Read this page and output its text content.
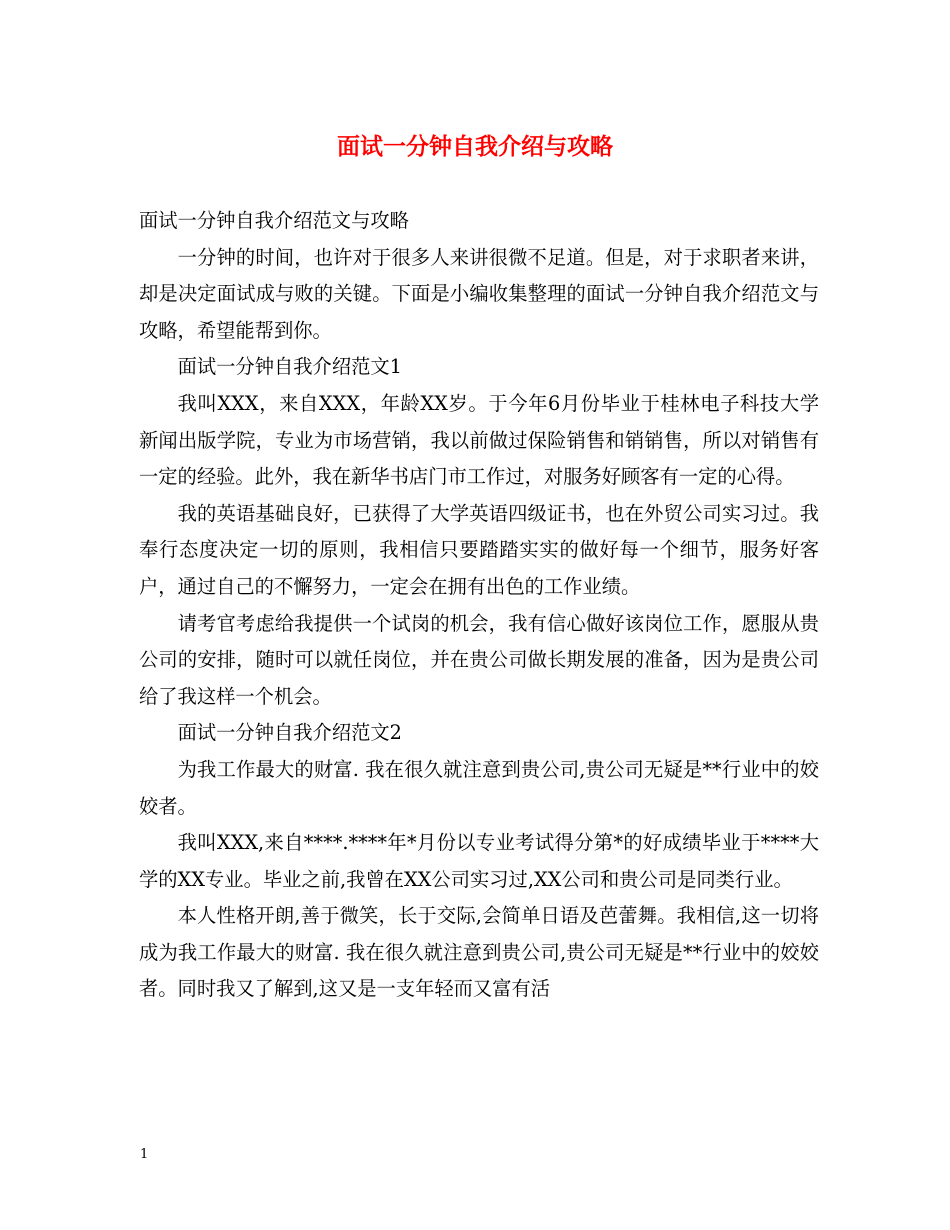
面试一分钟自我介绍与攻略

面试一分钟自我介绍范文与攻略

一分钟的时间，也许对于很多人来讲很微不足道。但是，对于求职者来讲，却是决定面试成与败的关键。下面是小编收集整理的面试一分钟自我介绍范文与攻略，希望能帮到你。

面试一分钟自我介绍范文1

我叫XXX，来自XXX，年龄XX岁。于今年6月份毕业于桂林电子科技大学新闻出版学院，专业为市场营销，我以前做过保险销售和销销售，所以对销售有一定的经验。此外，我在新华书店门市工作过，对服务好顾客有一定的心得。

我的英语基础良好，已获得了大学英语四级证书，也在外贸公司实习过。我奉行态度决定一切的原则，我相信只要踏踏实实的做好每一个细节，服务好客户，通过自己的不懈努力，一定会在拥有出色的工作业绩。

请考官考虑给我提供一个试岗的机会，我有信心做好该岗位工作，愿服从贵公司的安排，随时可以就任岗位，并在贵公司做长期发展的准备，因为是贵公司给了我这样一个机会。

面试一分钟自我介绍范文2

为我工作最大的财富. 我在很久就注意到贵公司,贵公司无疑是**行业中的姣姣者。

我叫XXX,来自****.****年*月份以专业考试得分第*的好成绩毕业于****大学的XX专业。毕业之前,我曾在XX公司实习过,XX公司和贵公司是同类行业。

本人性格开朗,善于微笑，长于交际,会简单日语及芭蕾舞。我相信,这一切将成为我工作最大的财富. 我在很久就注意到贵公司,贵公司无疑是**行业中的姣姣者。同时我又了解到,这又是一支年轻而又富有活

1
